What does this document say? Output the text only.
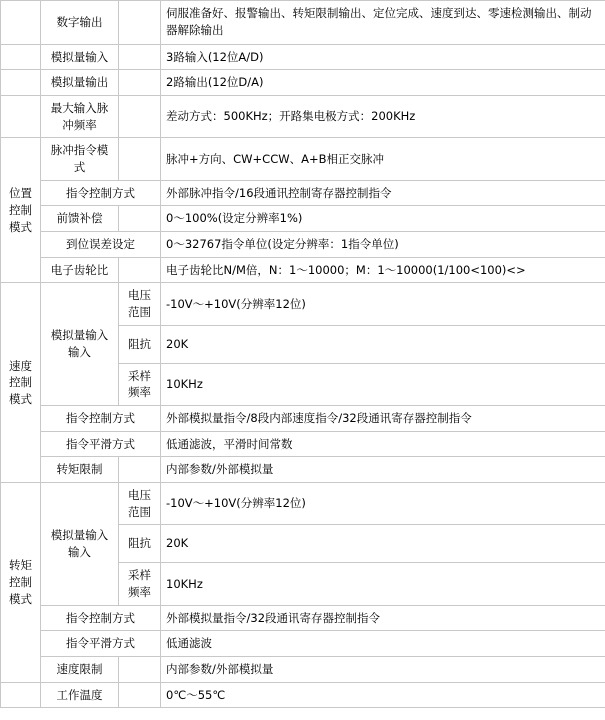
	数字输出		伺服准备好、报警输出、转矩限制输出、定位完成、速度到达、零速检测输出、制动器解除输出
	模拟量输入		3路输入(12位A/D)
	模拟量输出		2路输出(12位D/A)
	最大输入脉冲频率		差动方式：500KHz；开路集电极方式：200KHz
位置控制模式	脉冲指令模式		脉冲+方向、CW+CCW、A+B相正交脉冲
	指令控制方式		外部脉冲指令/16段通讯控制寄存器控制指令
	前馈补偿		0～100%(设定分辨率1%)
	到位误差设定		0～32767指令单位(设定分辨率：1指令单位)
	电子齿轮比		电子齿轮比N/M倍，N：1～10000；M：1～10000(1/100<100)<>
速度控制模式	模拟量输入输入	电压范围	-10V～+10V(分辨率12位)
		阻抗	20K
		采样频率	10KHz
	指令控制方式		外部模拟量指令/8段内部速度指令/32段通讯寄存器控制指令
	指令平滑方式		低通滤波，平滑时间常数
	转矩限制		内部参数/外部模拟量
转矩控制模式	模拟量输入输入	电压范围	-10V～+10V(分辨率12位)
		阻抗	20K
		采样频率	10KHz
	指令控制方式		外部模拟量指令/32段通讯寄存器控制指令
	指令平滑方式		低通滤波
	速度限制		内部参数/外部模拟量
	工作温度		0℃～55℃
